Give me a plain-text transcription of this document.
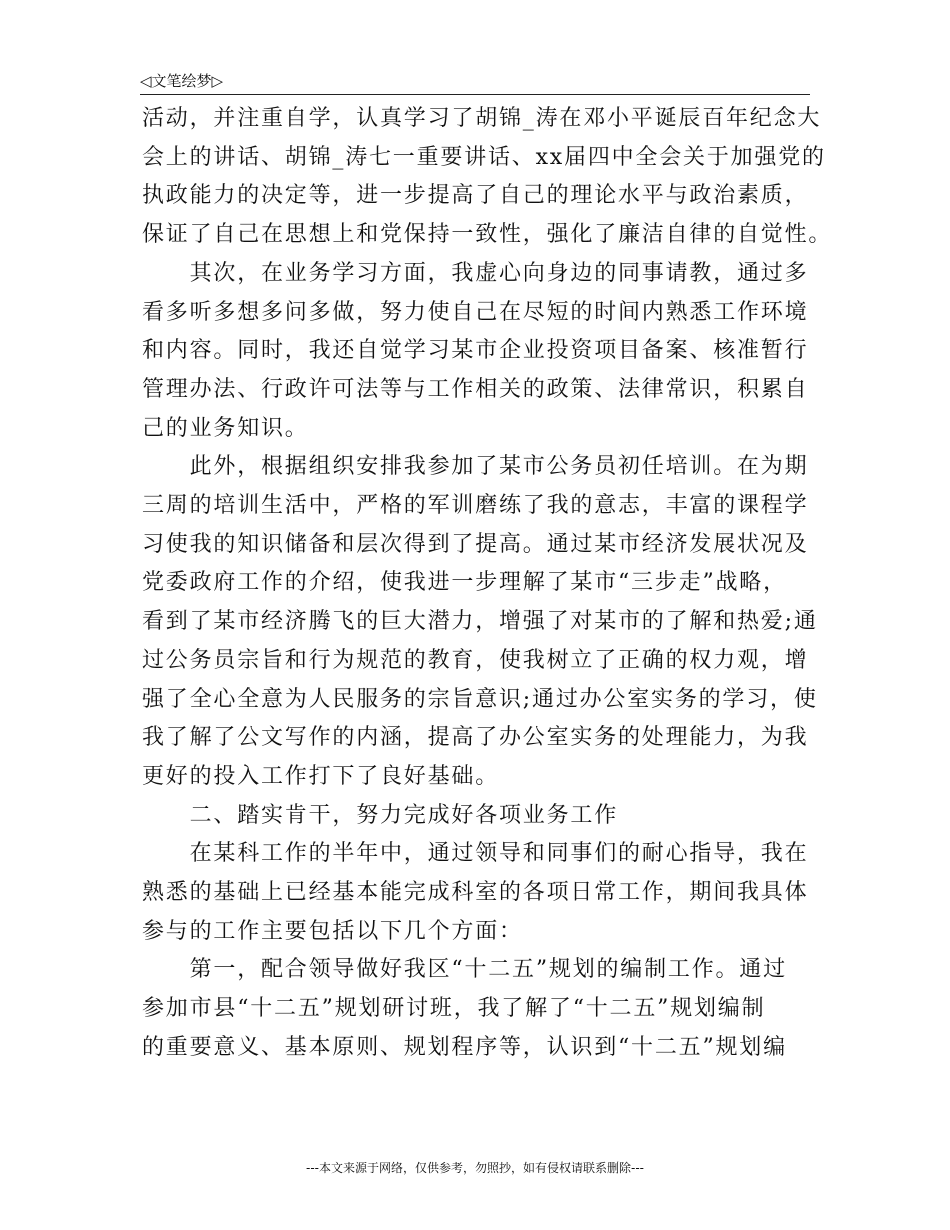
◁文笔绘梦▷

活动，并注重自学，认真学习了胡锦_涛在邓小平诞辰百年纪念大
会上的讲话、胡锦_涛七一重要讲话、xx届四中全会关于加强党的
执政能力的决定等，进一步提高了自己的理论水平与政治素质，
保证了自己在思想上和党保持一致性，强化了廉洁自律的自觉性。

　　其次，在业务学习方面，我虚心向身边的同事请教，通过多
看多听多想多问多做，努力使自己在尽短的时间内熟悉工作环境
和内容。同时，我还自觉学习某市企业投资项目备案、核准暂行
管理办法、行政许可法等与工作相关的政策、法律常识，积累自
己的业务知识。

　　此外，根据组织安排我参加了某市公务员初任培训。在为期
三周的培训生活中，严格的军训磨练了我的意志，丰富的课程学
习使我的知识储备和层次得到了提高。通过某市经济发展状况及
党委政府工作的介绍，使我进一步理解了某市“三步走”战略，
看到了某市经济腾飞的巨大潜力，增强了对某市的了解和热爱;通
过公务员宗旨和行为规范的教育，使我树立了正确的权力观，增
强了全心全意为人民服务的宗旨意识;通过办公室实务的学习，使
我了解了公文写作的内涵，提高了办公室实务的处理能力，为我
更好的投入工作打下了良好基础。

　　二、踏实肯干，努力完成好各项业务工作

　　在某科工作的半年中，通过领导和同事们的耐心指导，我在
熟悉的基础上已经基本能完成科室的各项日常工作，期间我具体
参与的工作主要包括以下几个方面：

　　第一，配合领导做好我区“十二五”规划的编制工作。通过
参加市县“十二五”规划研讨班，我了解了“十二五”规划编制
的重要意义、基本原则、规划程序等，认识到“十二五”规划编

---本文来源于网络，仅供参考，勿照抄，如有侵权请联系删除---
